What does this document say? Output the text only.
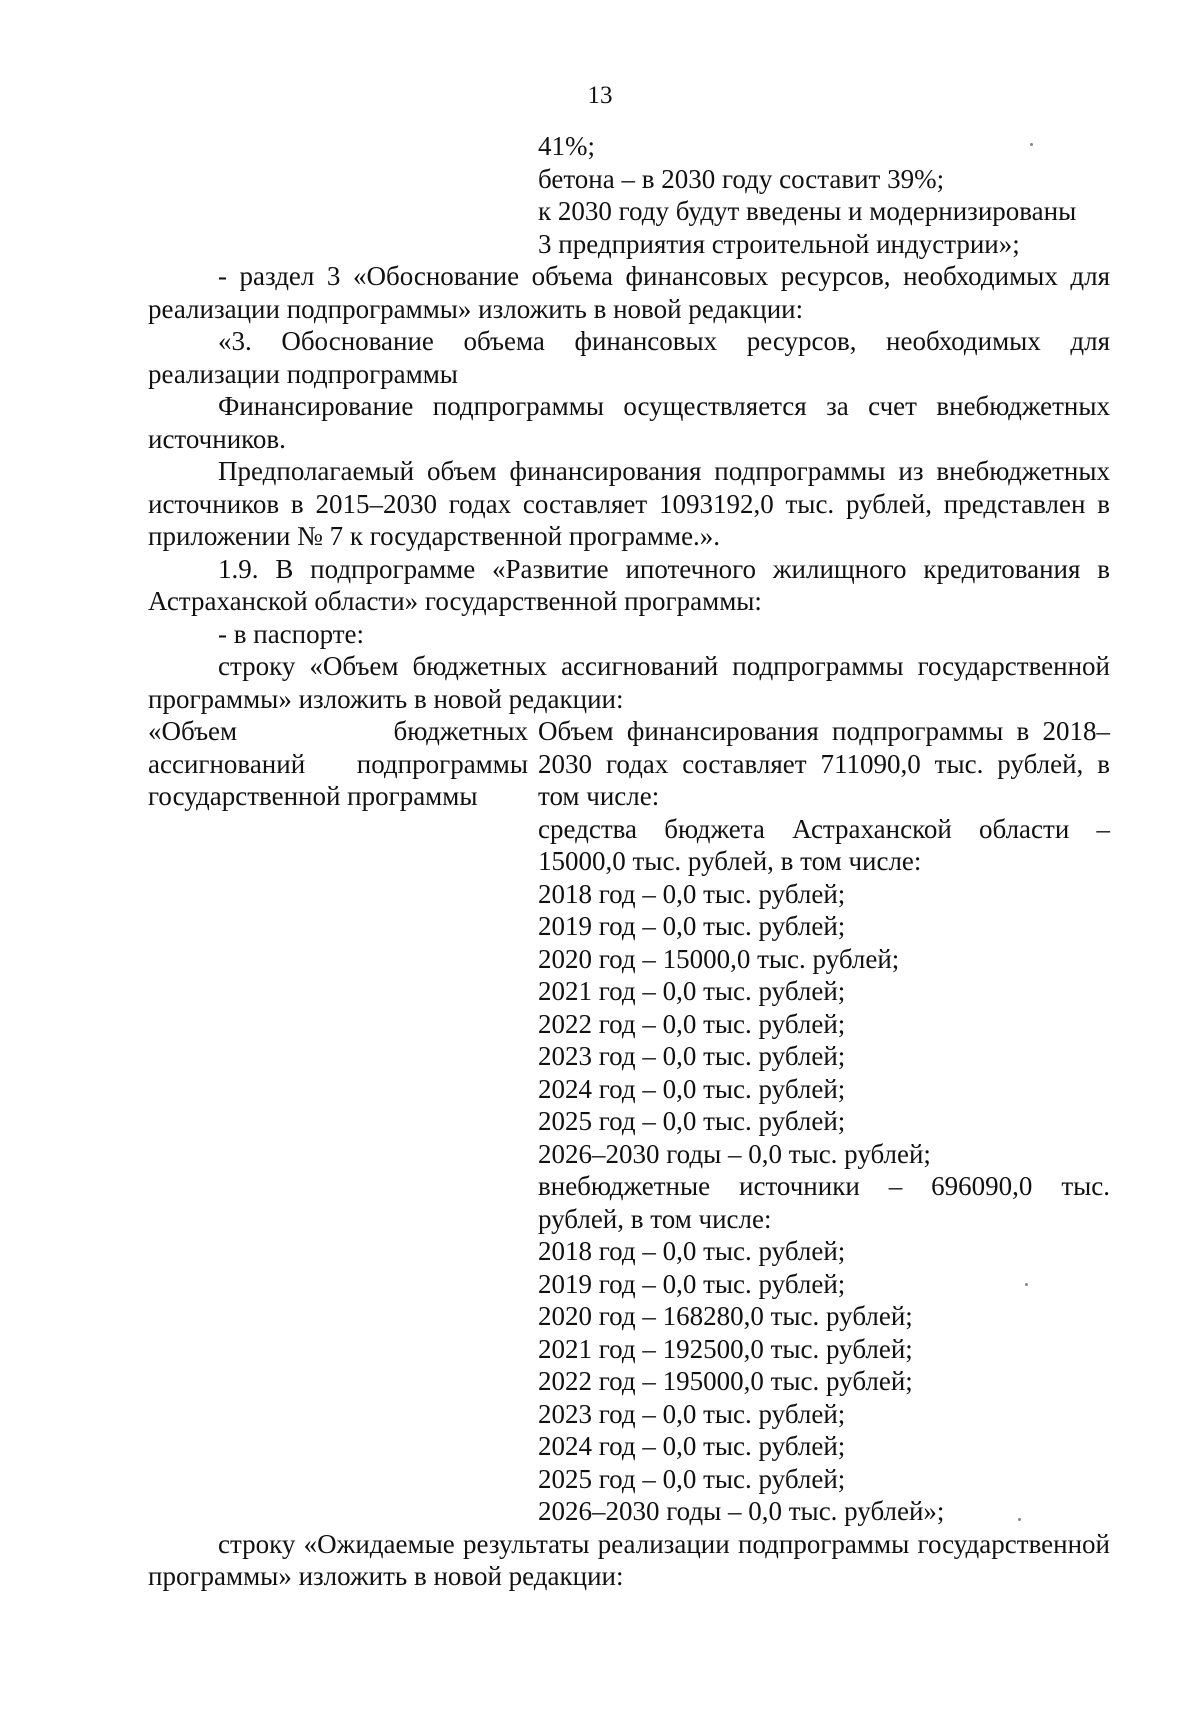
13

41%;

бетона – в 2030 году составит 39%;

к 2030 году будут введены и модернизированы

3 предприятия строительной индустрии»;

- раздел 3 «Обоснование объема финансовых ресурсов, необходимых для реализации подпрограммы» изложить в новой редакции:

«3. Обоснование объема финансовых ресурсов, необходимых для реализации подпрограммы

Финансирование подпрограммы осуществляется за счет внебюджетных источников.

Предполагаемый объем финансирования подпрограммы из внебюджетных источников в 2015–2030 годах составляет 1093192,0 тыс. рублей, представлен в приложении № 7 к государственной программе.».

1.9. В подпрограмме «Развитие ипотечного жилищного кредитования в Астраханской области» государственной программы:

- в паспорте:

строку «Объем бюджетных ассигнований подпрограммы государственной программы» изложить в новой редакции:

«Объем бюджетных ассигнований подпрограммы государственной программы

Объем финансирования подпрограммы в 2018–2030 годах составляет 711090,0 тыс. рублей, в том числе:

средства бюджета Астраханской области – 15000,0 тыс. рублей, в том числе:

2018 год – 0,0 тыс. рублей;
2019 год – 0,0 тыс. рублей;
2020 год – 15000,0 тыс. рублей;
2021 год – 0,0 тыс. рублей;
2022 год – 0,0 тыс. рублей;
2023 год – 0,0 тыс. рублей;
2024 год – 0,0 тыс. рублей;
2025 год – 0,0 тыс. рублей;
2026–2030 годы – 0,0 тыс. рублей;

внебюджетные источники – 696090,0 тыс. рублей, в том числе:

2018 год – 0,0 тыс. рублей;
2019 год – 0,0 тыс. рублей;
2020 год – 168280,0 тыс. рублей;
2021 год – 192500,0 тыс. рублей;
2022 год – 195000,0 тыс. рублей;
2023 год – 0,0 тыс. рублей;
2024 год – 0,0 тыс. рублей;
2025 год – 0,0 тыс. рублей;
2026–2030 годы – 0,0 тыс. рублей»;

строку «Ожидаемые результаты реализации подпрограммы государственной программы» изложить в новой редакции:
